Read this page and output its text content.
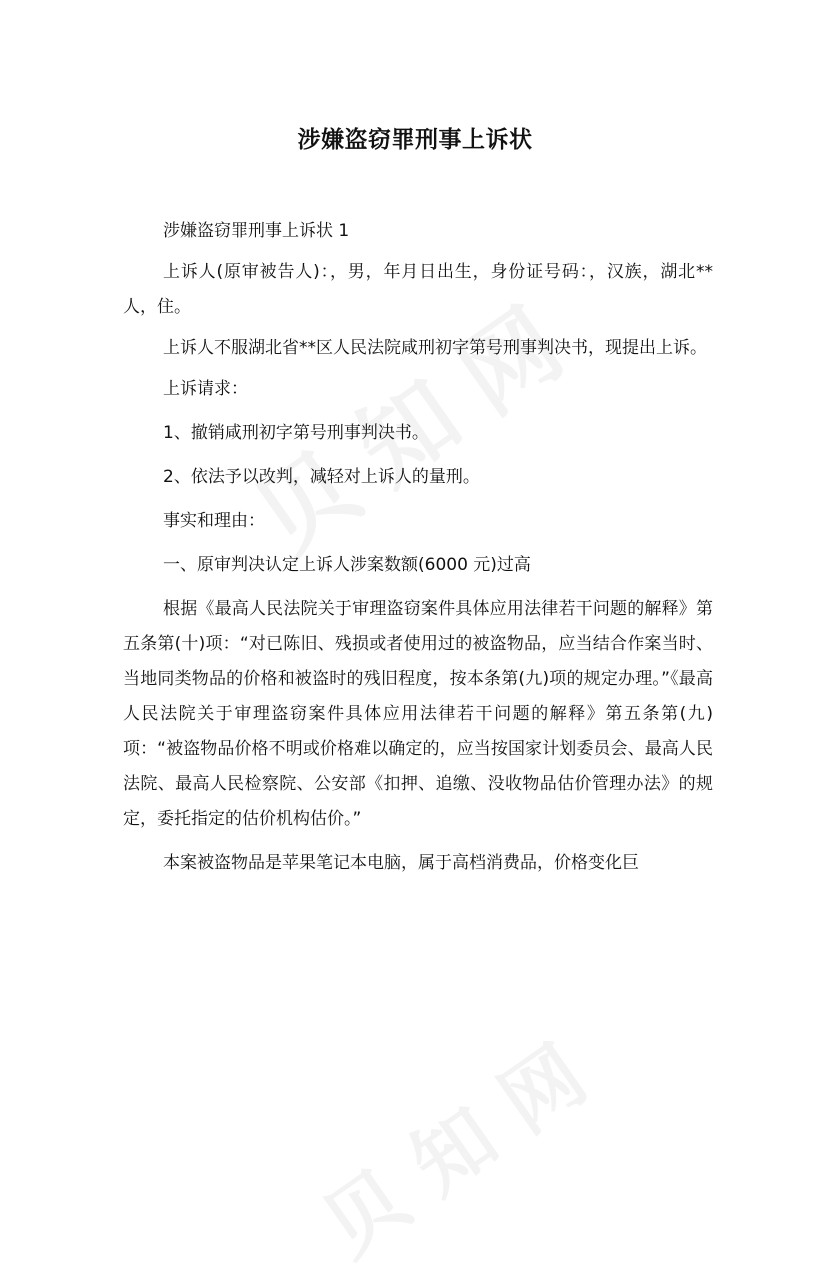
涉嫌盗窃罪刑事上诉状

涉嫌盗窃罪刑事上诉状 1

上诉人(原审被告人)：，男，年月日出生，身份证号码：，汉族，湖北**人，住。

上诉人不服湖北省**区人民法院咸刑初字第号刑事判决书，现提出上诉。

上诉请求：

1、撤销咸刑初字第号刑事判决书。

2、依法予以改判，减轻对上诉人的量刑。

事实和理由：

一、原审判决认定上诉人涉案数额(6000 元)过高

根据《最高人民法院关于审理盗窃案件具体应用法律若干问题的解释》第五条第(十)项：“对已陈旧、残损或者使用过的被盗物品，应当结合作案当时、当地同类物品的价格和被盗时的残旧程度，按本条第(九)项的规定办理。”《最高人民法院关于审理盗窃案件具体应用法律若干问题的解释》第五条第(九)项：“被盗物品价格不明或价格难以确定的，应当按国家计划委员会、最高人民法院、最高人民检察院、公安部《扣押、追缴、没收物品估价管理办法》的规定，委托指定的估价机构估价。”

本案被盗物品是苹果笔记本电脑，属于高档消费品，价格变化巨
